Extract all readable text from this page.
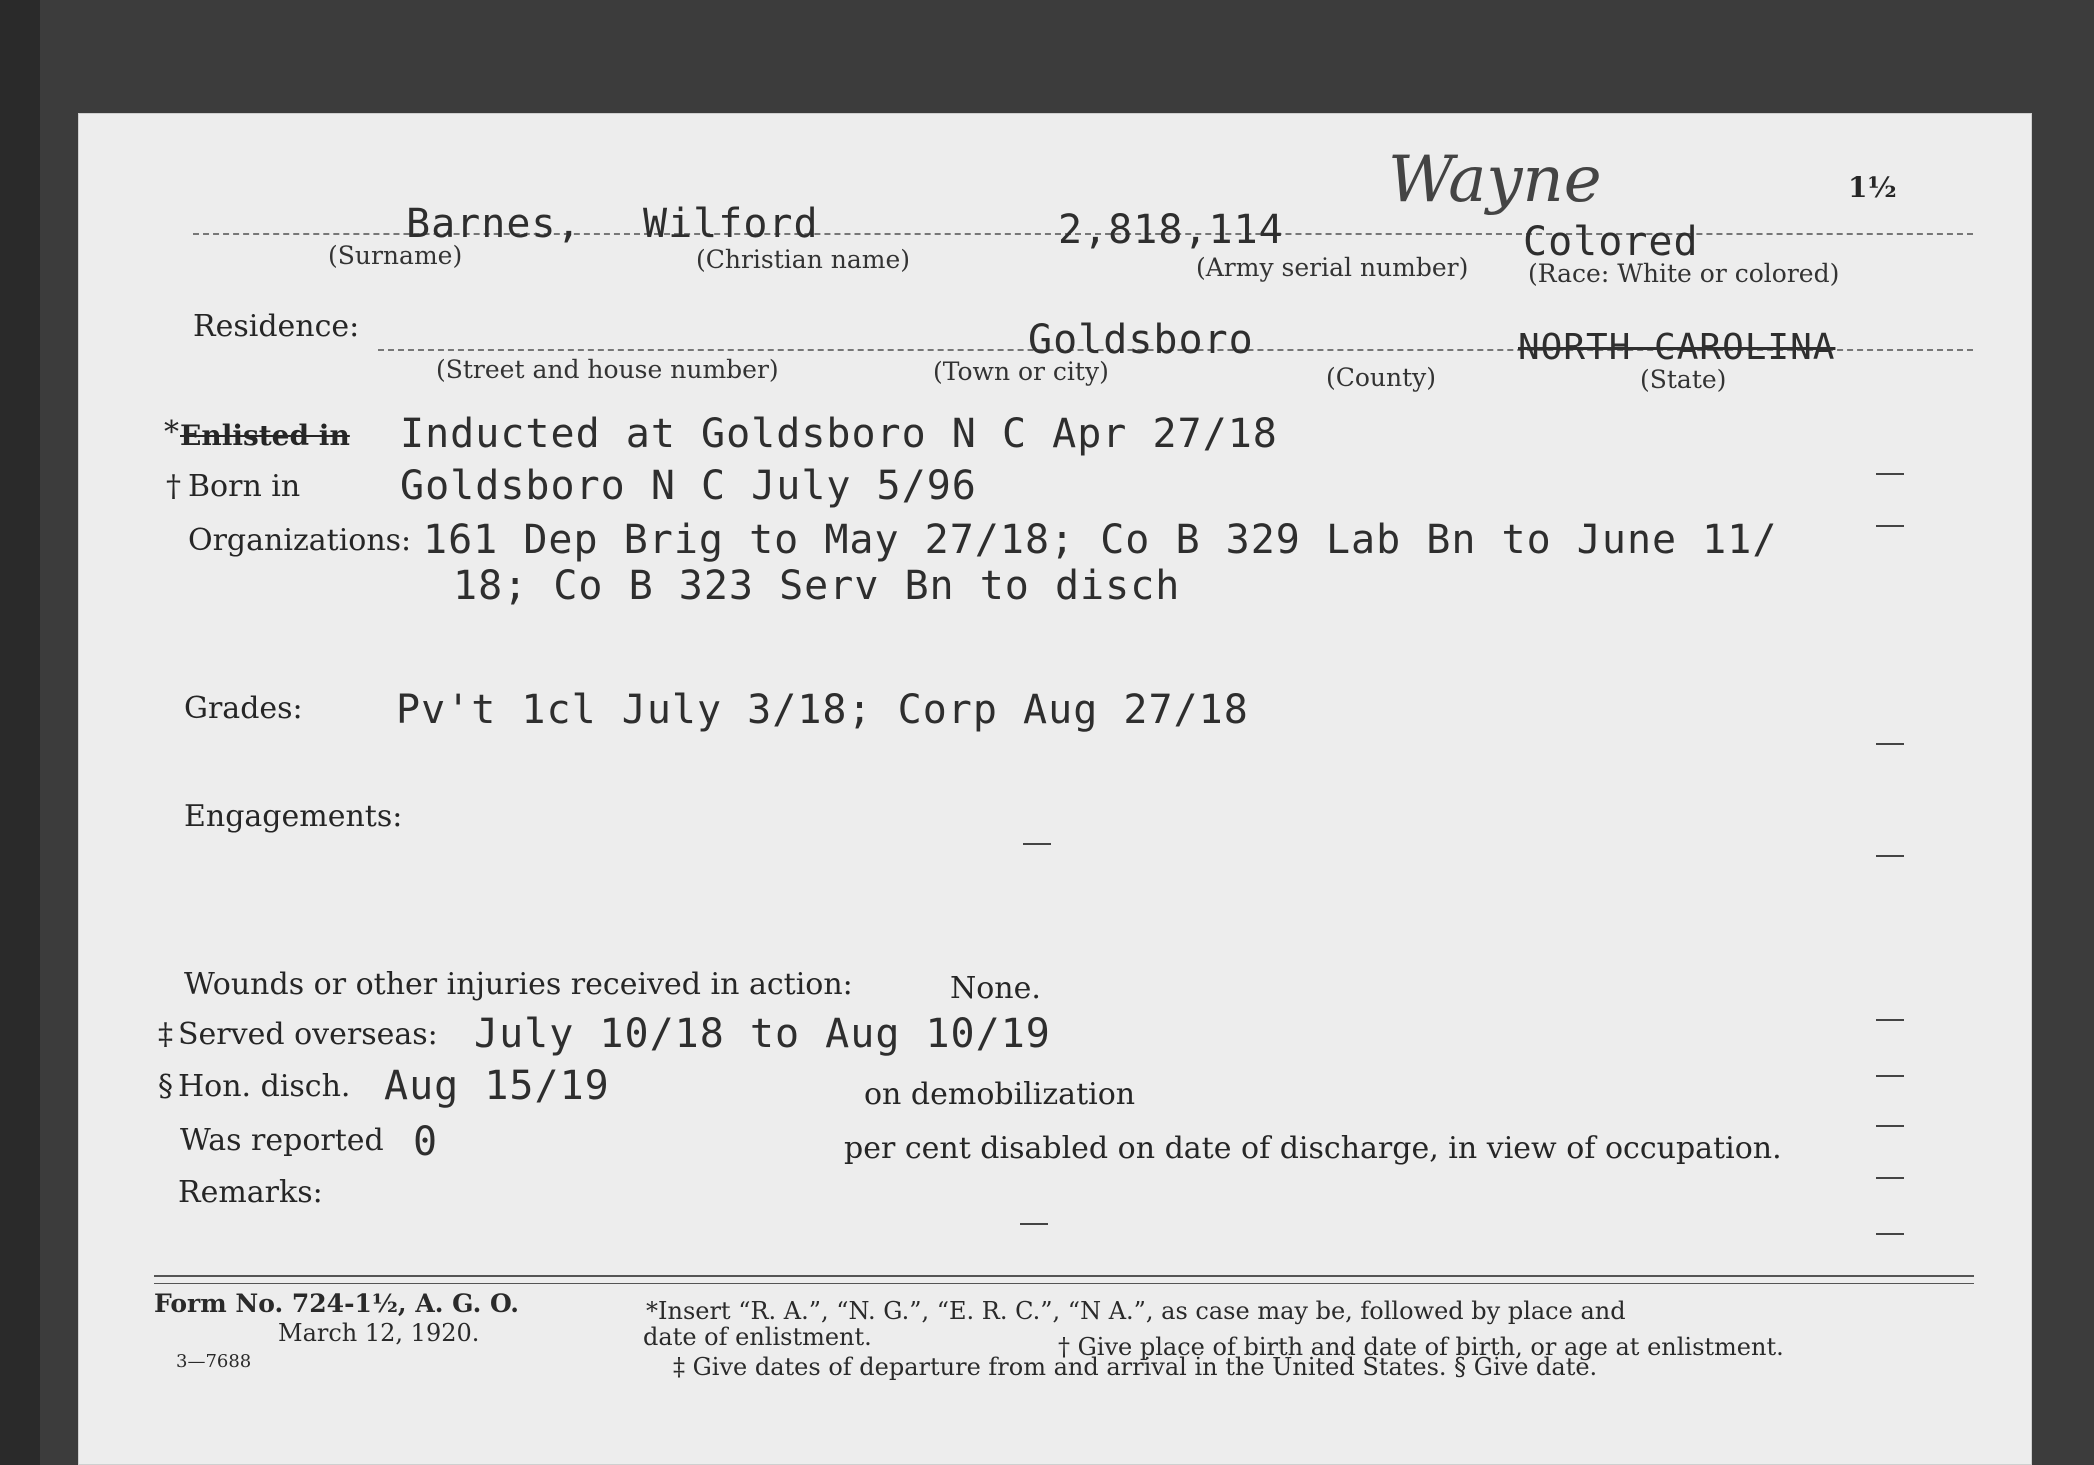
Wayne	1½
Barnes, Wilford	2,818,114	Colored
(Surname)	(Christian name)	(Army serial number) (Race: White or colored)
Residence:	Goldsboro	NORTH CAROLINA
(Street and house number)	(Town or city)	(County)	(State)
* Enlisted in Inducted at Goldsboro N C Apr 27/18
† Born in Goldsboro N C July 5/96
Organizations: 161 Dep Brig to May 27/18; Co B 329 Lab Bn to June 11/
18; Co B 323 Serv Bn to disch
Grades: Pv't 1cl July 3/18; Corp Aug 27/18
Engagements:
Wounds or other injuries received in action:	None.
‡ Served overseas: July 10/18 to Aug 10/19
§ Hon. disch. Aug 15/19	on demobilization
Was reported 0	per cent disabled on date of discharge, in view of occupation.
Remarks:
Form No. 724-1½, A. G. O.
March 12, 1920.
3—7688
*Insert “R. A.”, “N. G.”, “E. R. C.”, “N A.”, as case may be, followed by place and
date of enlistment.	† Give place of birth and date of birth, or age at enlistment.
‡ Give dates of departure from and arrival in the United States. § Give date.
